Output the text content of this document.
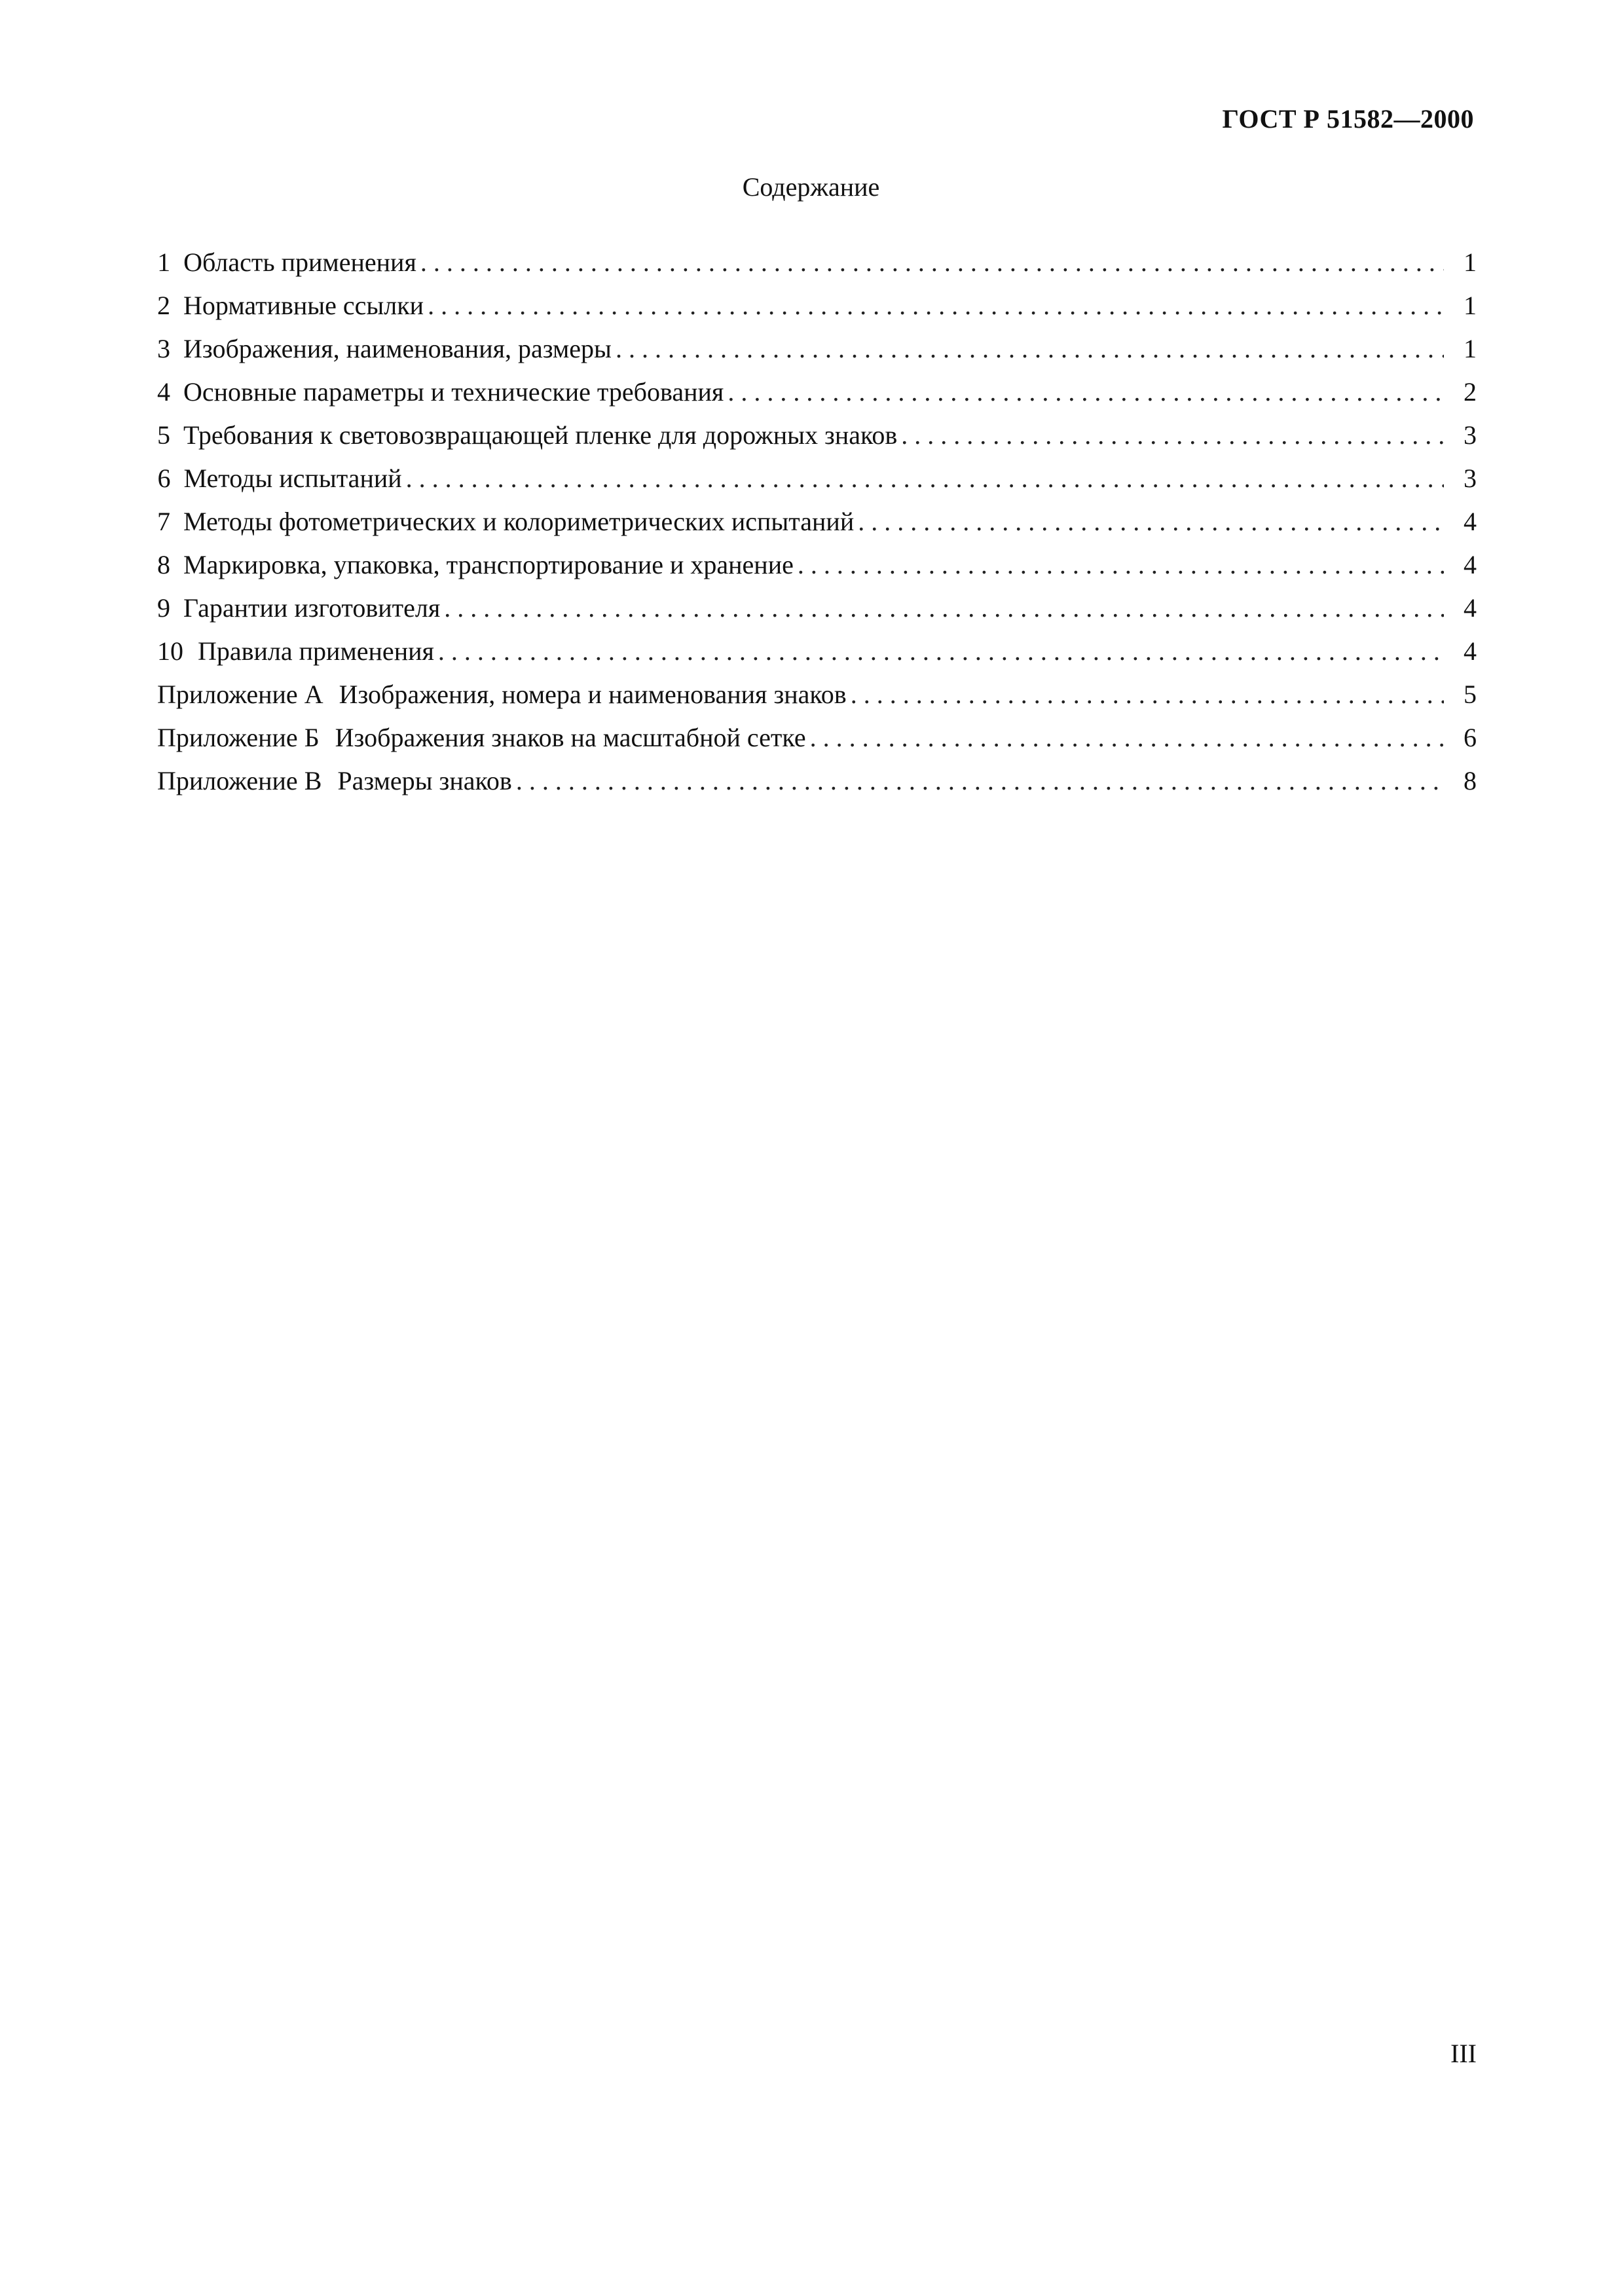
ГОСТ Р 51582—2000
Содержание
1 Область применения . . .	1
2 Нормативные ссылки . . .	1
3 Изображения, наименования, размеры . . .	1
4 Основные параметры и технические требования . . .	2
5 Требования к световозвращающей пленке для дорожных знаков . . .	3
6 Методы испытаний . . .	3
7 Методы фотометрических и колориметрических испытаний . . .	4
8 Маркировка, упаковка, транспортирование и хранение . . .	4
9 Гарантии изготовителя . . .	4
10 Правила применения . . .	4
Приложение А Изображения, номера и наименования знаков . . .	5
Приложение Б Изображения знаков на масштабной сетке . . .	6
Приложение В Размеры знаков . . .	8
III
